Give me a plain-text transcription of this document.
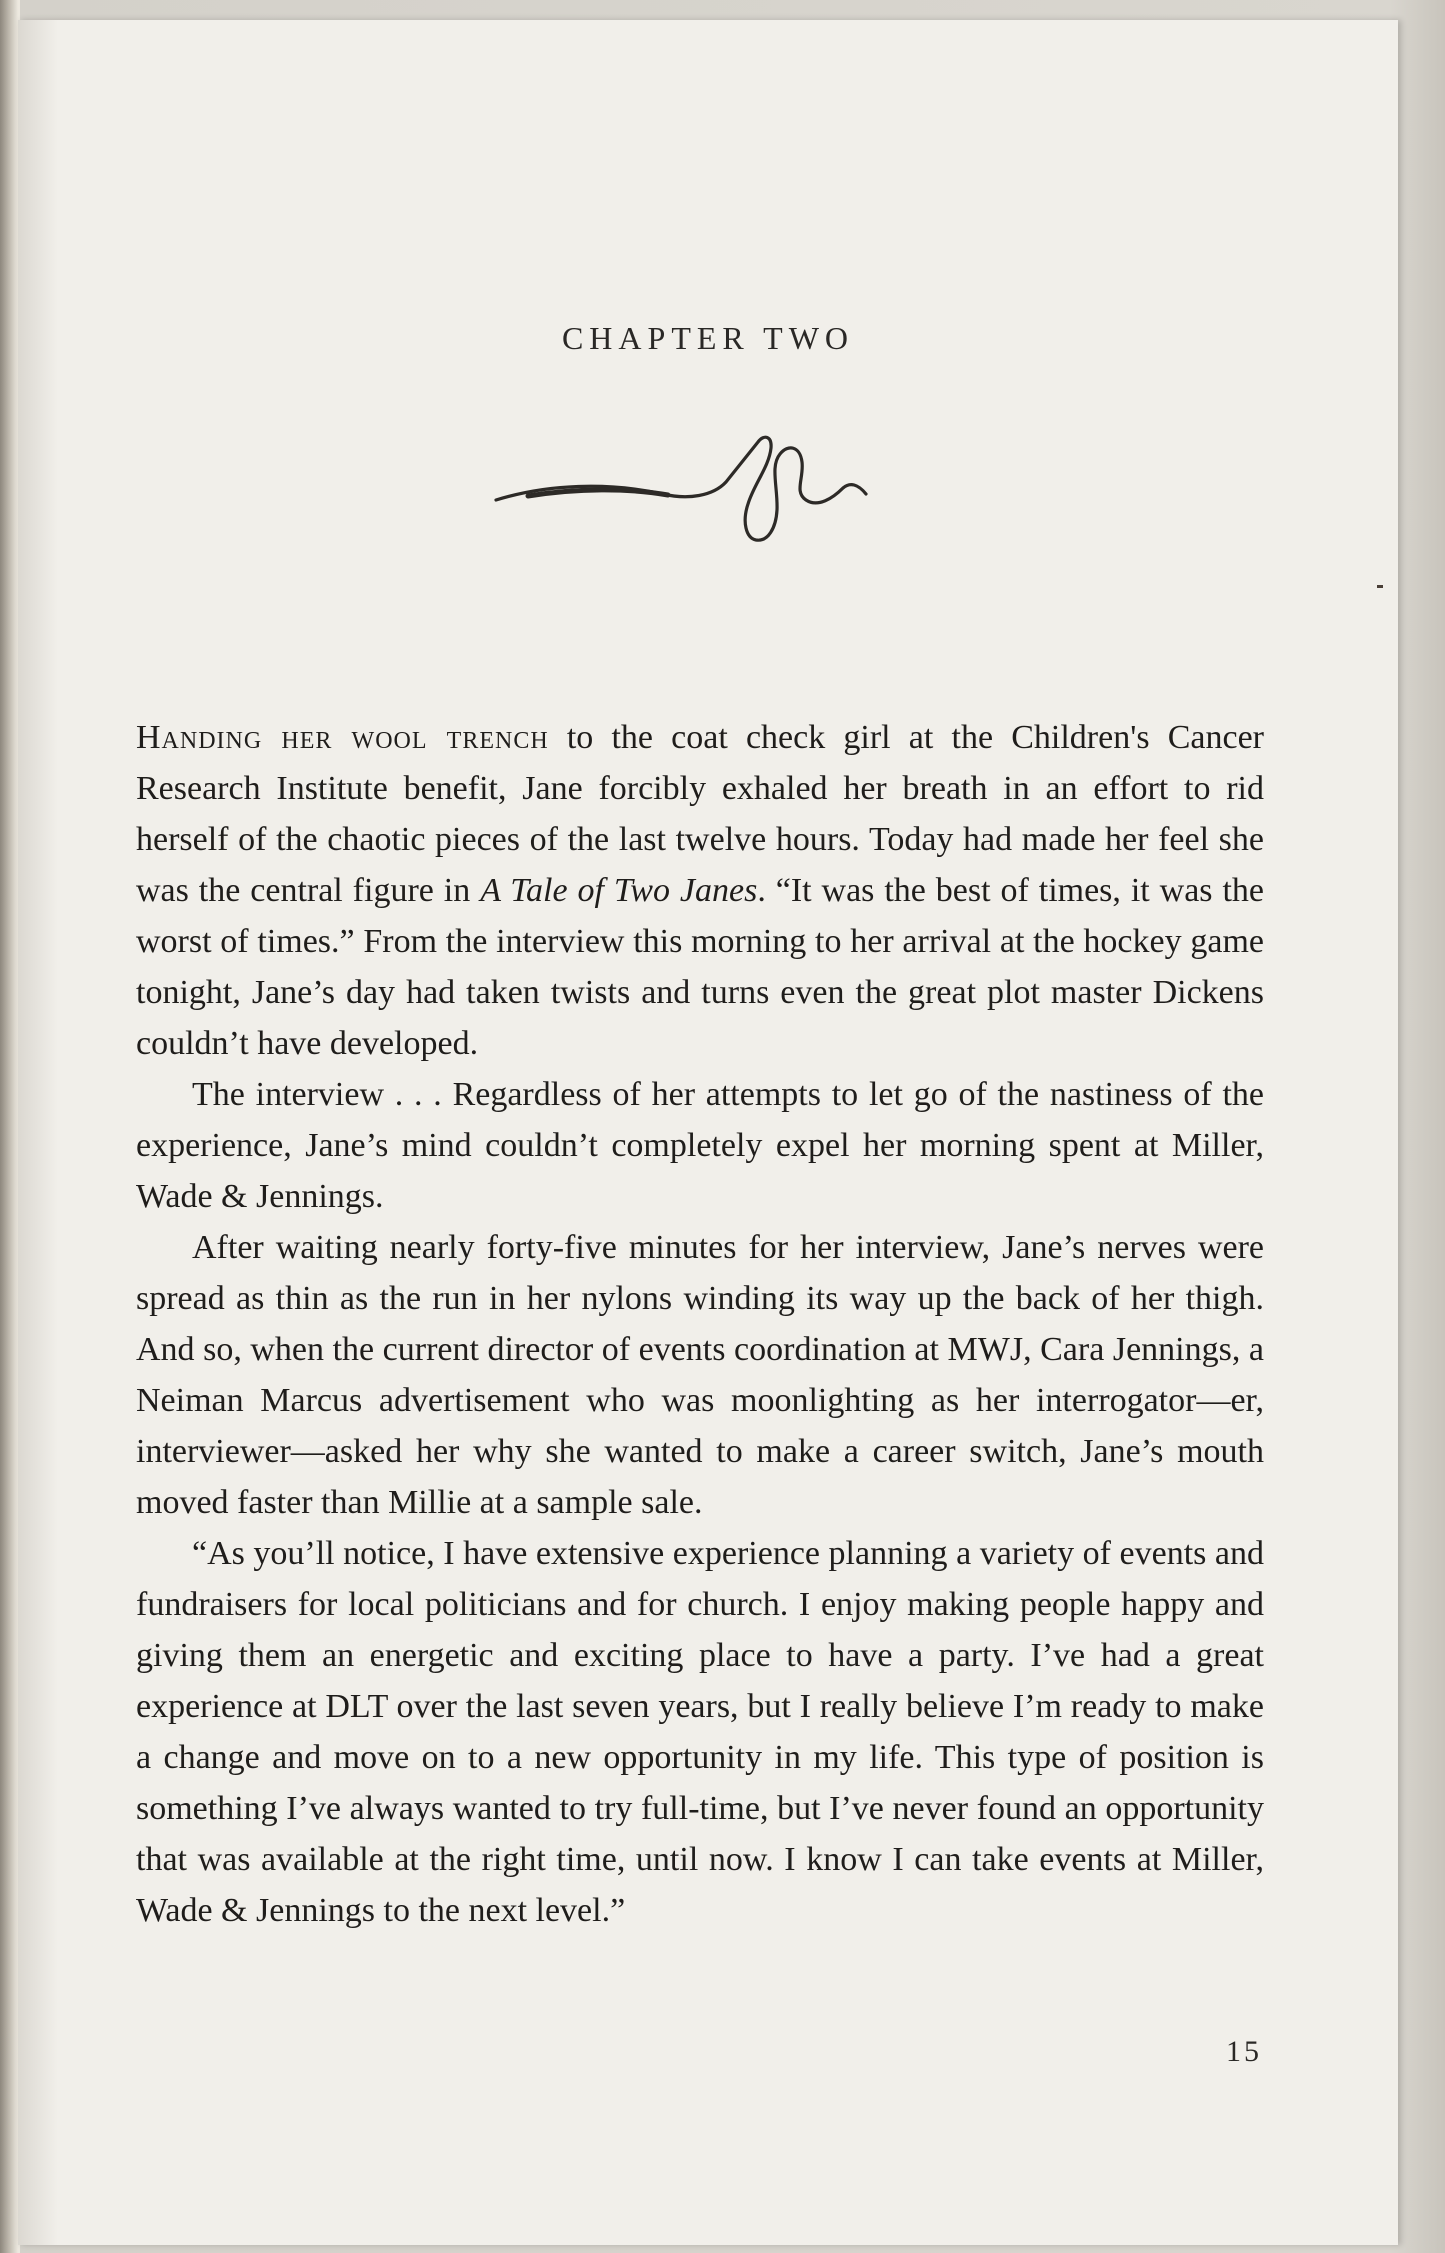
CHAPTER TWO

Handing her wool trench to the coat check girl at the Children's Cancer Research Institute benefit, Jane forcibly exhaled her breath in an effort to rid herself of the chaotic pieces of the last twelve hours. Today had made her feel she was the central figure in A Tale of Two Janes. “It was the best of times, it was the worst of times.” From the interview this morning to her arrival at the hockey game tonight, Jane’s day had taken twists and turns even the great plot master Dickens couldn’t have developed.

The interview . . . Regardless of her attempts to let go of the nastiness of the experience, Jane’s mind couldn’t completely expel her morning spent at Miller, Wade & Jennings.

After waiting nearly forty-five minutes for her interview, Jane’s nerves were spread as thin as the run in her nylons winding its way up the back of her thigh. And so, when the current director of events coordination at MWJ, Cara Jennings, a Neiman Marcus advertisement who was moonlighting as her interrogator—er, interviewer—asked her why she wanted to make a career switch, Jane’s mouth moved faster than Millie at a sample sale.

“As you’ll notice, I have extensive experience planning a variety of events and fundraisers for local politicians and for church. I enjoy making people happy and giving them an energetic and exciting place to have a party. I’ve had a great experience at DLT over the last seven years, but I really believe I’m ready to make a change and move on to a new opportunity in my life. This type of position is something I’ve always wanted to try full-time, but I’ve never found an opportunity that was available at the right time, until now. I know I can take events at Miller, Wade & Jennings to the next level.”

15
